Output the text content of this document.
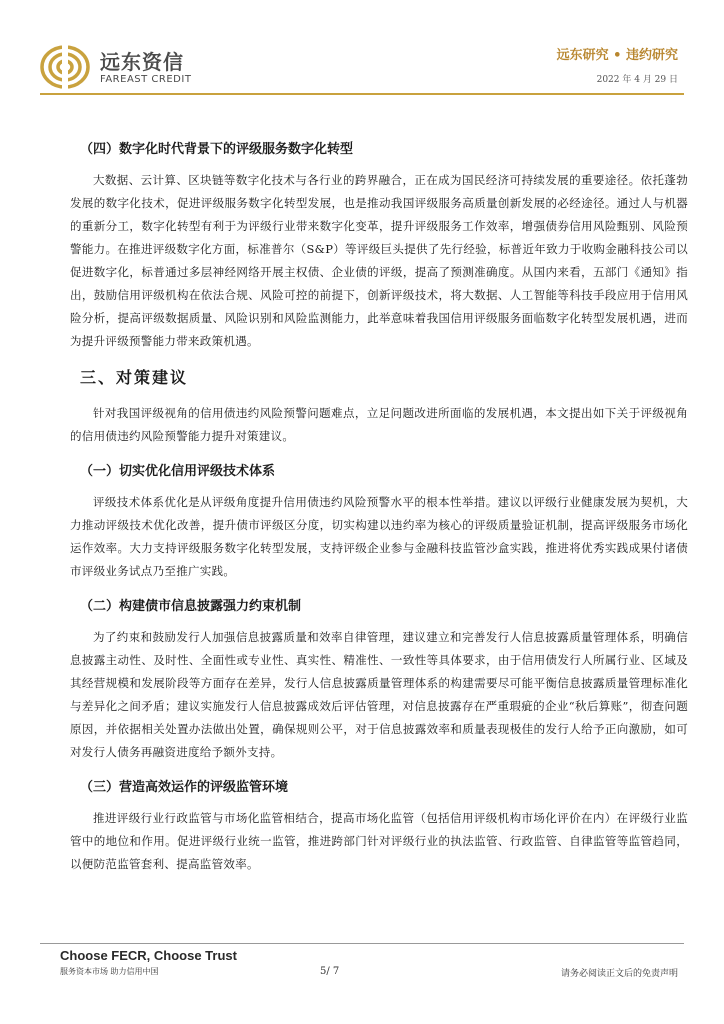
远东资信
FAREAST CREDIT
远东研究 • 违约研究
2022 年 4 月 29 日
（四）数字化时代背景下的评级服务数字化转型

大数据、云计算、区块链等数字化技术与各行业的跨界融合，正在成为国民经济可持续发展的重要途径。依托蓬勃发展的数字化技术，促进评级服务数字化转型发展，也是推动我国评级服务高质量创新发展的必经途径。通过人与机器的重新分工，数字化转型有利于为评级行业带来数字化变革，提升评级服务工作效率，增强债券信用风险甄别、风险预警能力。在推进评级数字化方面，标准普尔（S&P）等评级巨头提供了先行经验，标普近年致力于收购金融科技公司以促进数字化，标普通过多层神经网络开展主权债、企业债的评级，提高了预测准确度。从国内来看，五部门《通知》指出，鼓励信用评级机构在依法合规、风险可控的前提下，创新评级技术，将大数据、人工智能等科技手段应用于信用风险分析，提高评级数据质量、风险识别和风险监测能力，此举意味着我国信用评级服务面临数字化转型发展机遇，进而为提升评级预警能力带来政策机遇。

三、对策建议

针对我国评级视角的信用债违约风险预警问题难点，立足问题改进所面临的发展机遇，本文提出如下关于评级视角的信用债违约风险预警能力提升对策建议。

（一）切实优化信用评级技术体系

评级技术体系优化是从评级角度提升信用债违约风险预警水平的根本性举措。建议以评级行业健康发展为契机，大力推动评级技术优化改善，提升债市评级区分度，切实构建以违约率为核心的评级质量验证机制，提高评级服务市场化运作效率。大力支持评级服务数字化转型发展，支持评级企业参与金融科技监管沙盒实践，推进将优秀实践成果付诸债市评级业务试点乃至推广实践。

（二）构建债市信息披露强力约束机制

为了约束和鼓励发行人加强信息披露质量和效率自律管理，建议建立和完善发行人信息披露质量管理体系，明确信息披露主动性、及时性、全面性或专业性、真实性、精准性、一致性等具体要求，由于信用债发行人所属行业、区域及其经营规模和发展阶段等方面存在差异，发行人信息披露质量管理体系的构建需要尽可能平衡信息披露质量管理标准化与差异化之间矛盾；建议实施发行人信息披露成效后评估管理，对信息披露存在严重瑕疵的企业“秋后算账”，彻查问题原因，并依据相关处置办法做出处置，确保规则公平，对于信息披露效率和质量表现极佳的发行人给予正向激励，如可对发行人债务再融资进度给予额外支持。

（三）营造高效运作的评级监管环境

推进评级行业行政监管与市场化监管相结合，提高市场化监管（包括信用评级机构市场化评价在内）在评级行业监管中的地位和作用。促进评级行业统一监管，推进跨部门针对评级行业的执法监管、行政监管、自律监管等监管趋同，以便防范监管套利、提高监管效率。

Choose FECR, Choose Trust
服务资本市场 助力信用中国	5/ 7	请务必阅读正文后的免责声明
